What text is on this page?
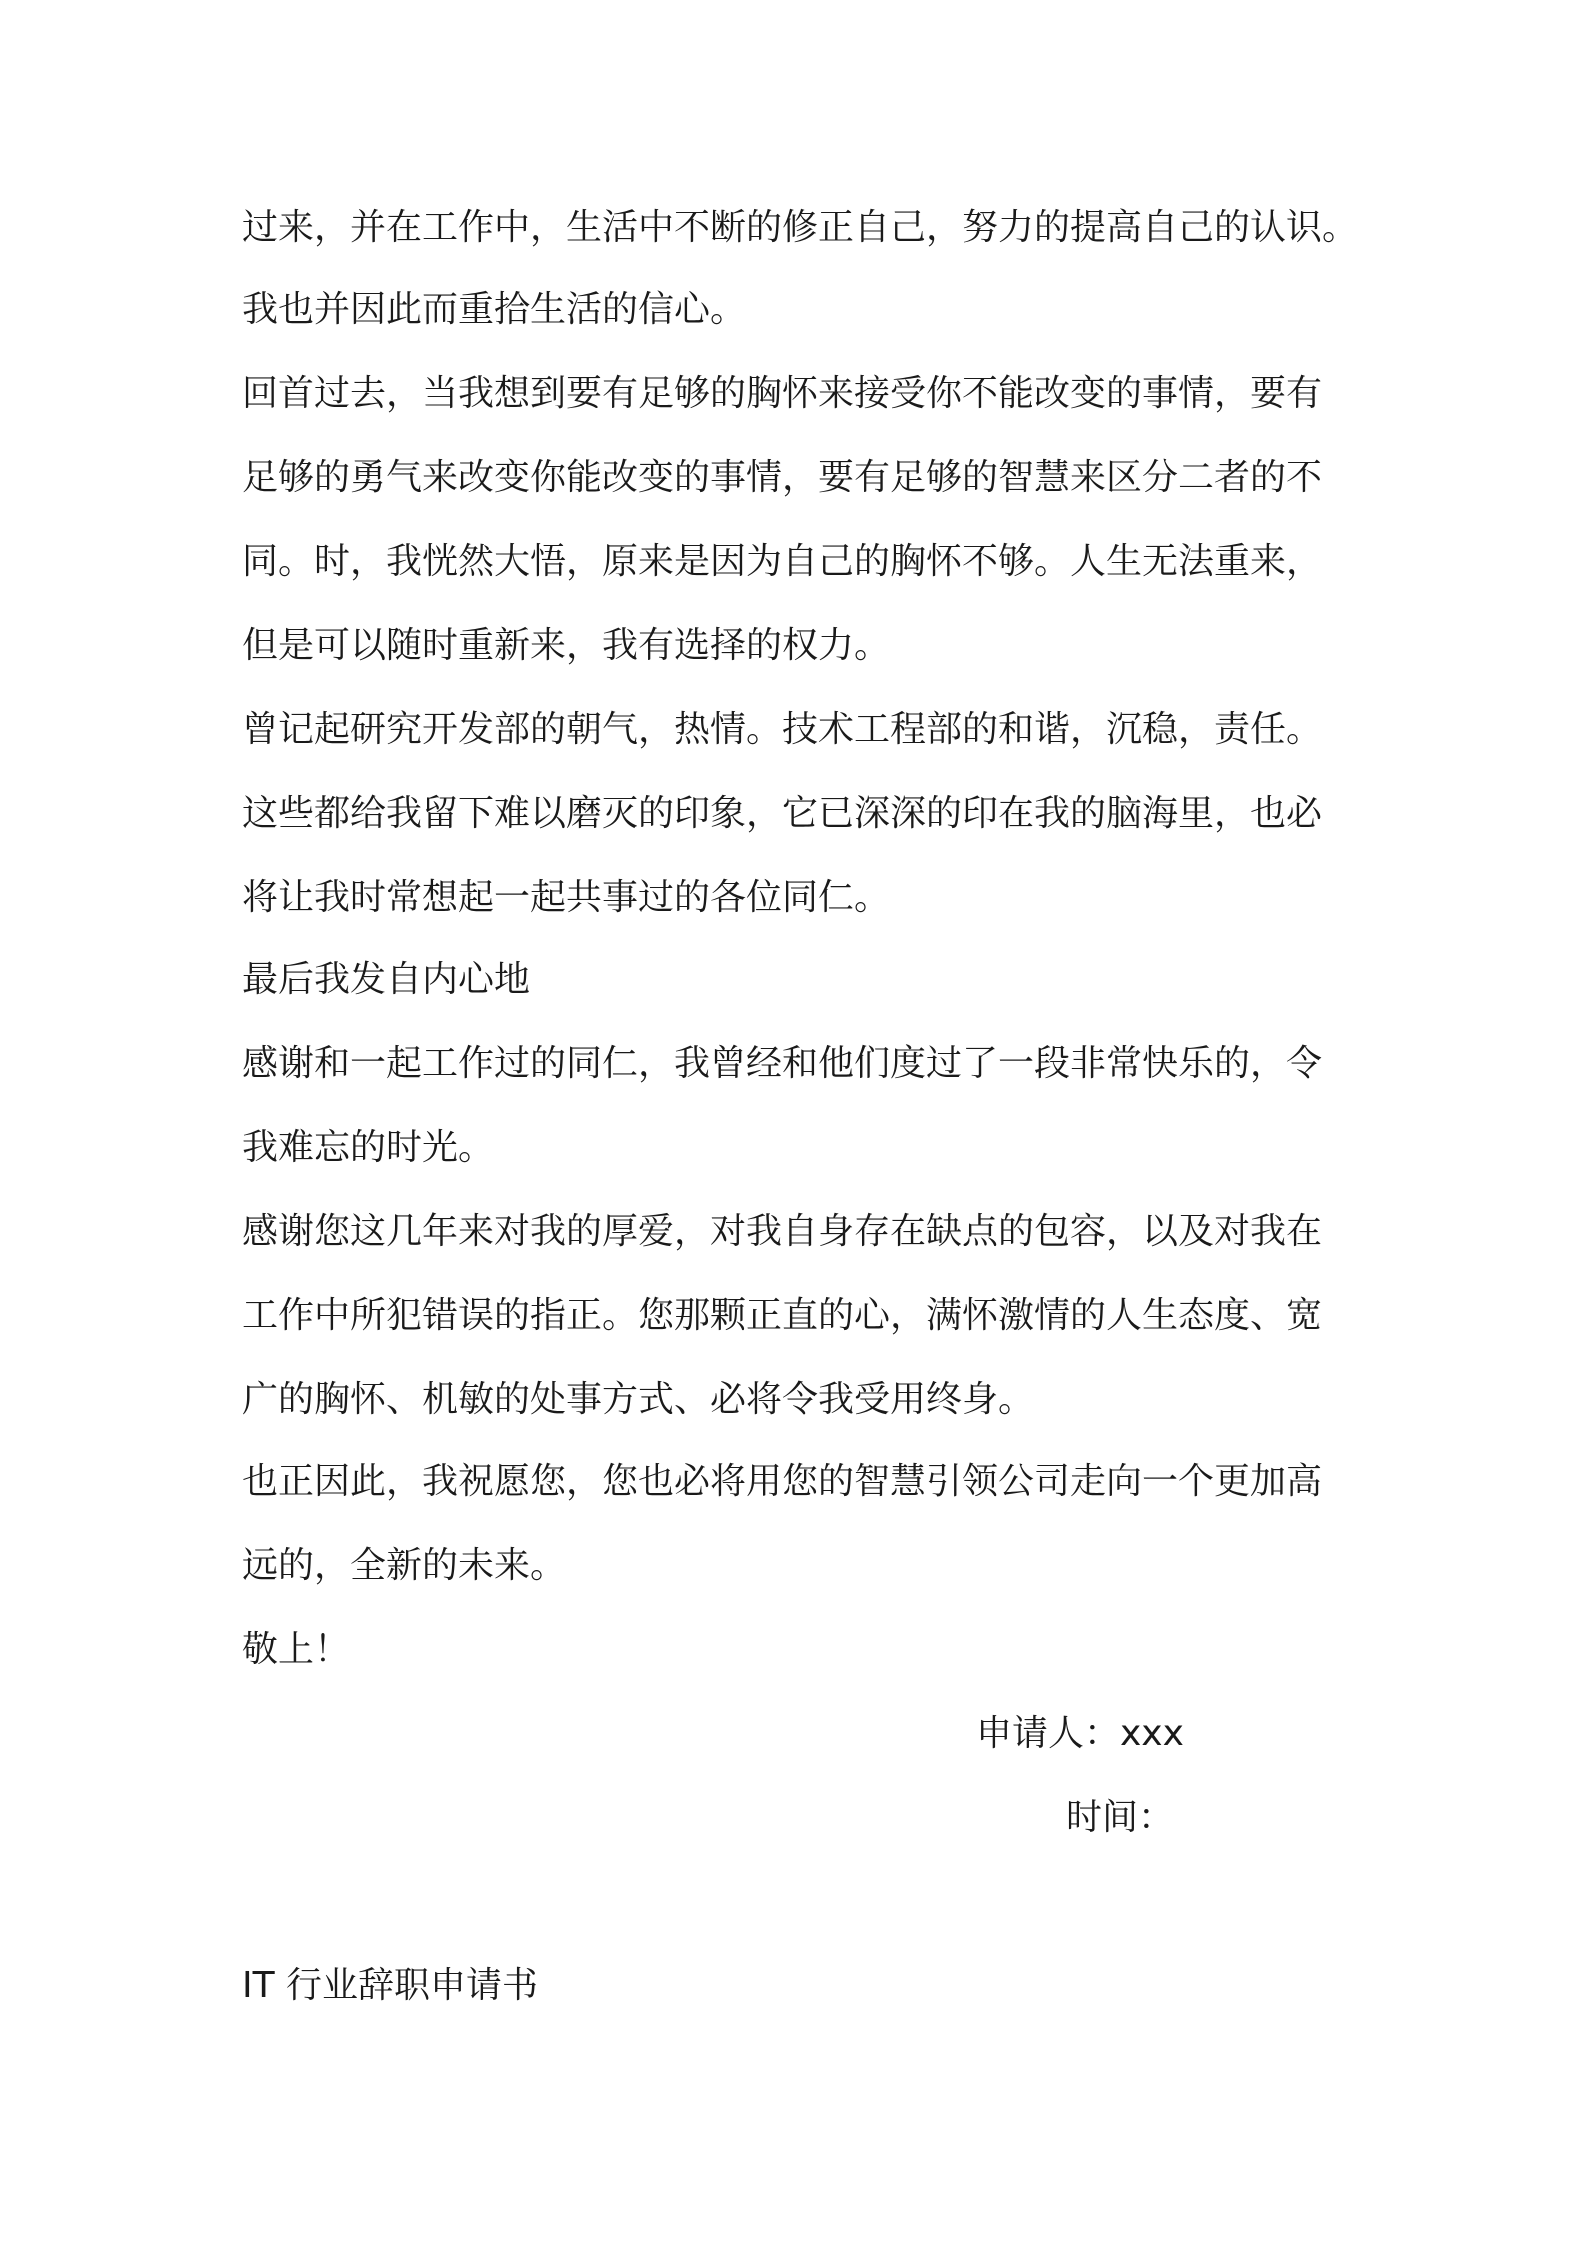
过来，并在工作中，生活中不断的修正自己，努力的提高自己的认识。
我也并因此而重拾生活的信心。
回首过去，当我想到要有足够的胸怀来接受你不能改变的事情，要有
足够的勇气来改变你能改变的事情，要有足够的智慧来区分二者的不
同。时，我恍然大悟，原来是因为自己的胸怀不够。人生无法重来，
但是可以随时重新来，我有选择的权力。
曾记起研究开发部的朝气，热情。技术工程部的和谐，沉稳，责任。
这些都给我留下难以磨灭的印象，它已深深的印在我的脑海里，也必
将让我时常想起一起共事过的各位同仁。
最后我发自内心地
感谢和一起工作过的同仁，我曾经和他们度过了一段非常快乐的，令
我难忘的时光。
感谢您这几年来对我的厚爱，对我自身存在缺点的包容，以及对我在
工作中所犯错误的指正。您那颗正直的心，满怀激情的人生态度、宽
广的胸怀、机敏的处事方式、必将令我受用终身。
也正因此，我祝愿您，您也必将用您的智慧引领公司走向一个更加高
远的，全新的未来。
敬上！
申请人：xxx
时间：
IT 行业辞职申请书
